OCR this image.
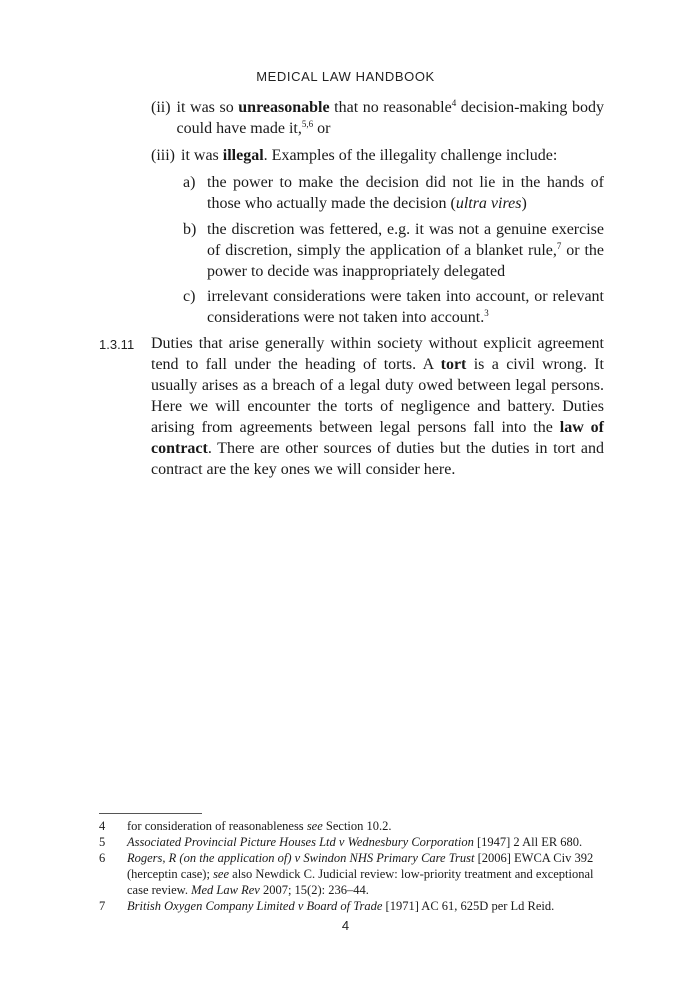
MEDICAL LAW HANDBOOK
(ii) it was so unreasonable that no reasonable$^4$ decision-making body could have made it,$^{5,6}$ or
(iii) it was illegal. Examples of the illegality challenge include:
a) the power to make the decision did not lie in the hands of those who actually made the decision (ultra vires)
b) the discretion was fettered, e.g. it was not a genuine exercise of discretion, simply the application of a blanket rule,$^7$ or the power to decide was inappropriately delegated
c) irrelevant considerations were taken into account, or relevant considerations were not taken into account.$^3$
1.3.11 Duties that arise generally within society without explicit agreement tend to fall under the heading of torts. A tort is a civil wrong. It usually arises as a breach of a legal duty owed between legal persons. Here we will encounter the torts of negligence and battery. Duties arising from agreements between legal persons fall into the law of contract. There are other sources of duties but the duties in tort and contract are the key ones we will consider here.
4	for consideration of reasonableness see Section 10.2.
5	Associated Provincial Picture Houses Ltd v Wednesbury Corporation [1947] 2 All ER 680.
6	Rogers, R (on the application of) v Swindon NHS Primary Care Trust [2006] EWCA Civ 392 (herceptin case); see also Newdick C. Judicial review: low-priority treatment and exceptional case review. Med Law Rev 2007; 15(2): 236–44.
7	British Oxygen Company Limited v Board of Trade [1971] AC 61, 625D per Ld Reid.
4
